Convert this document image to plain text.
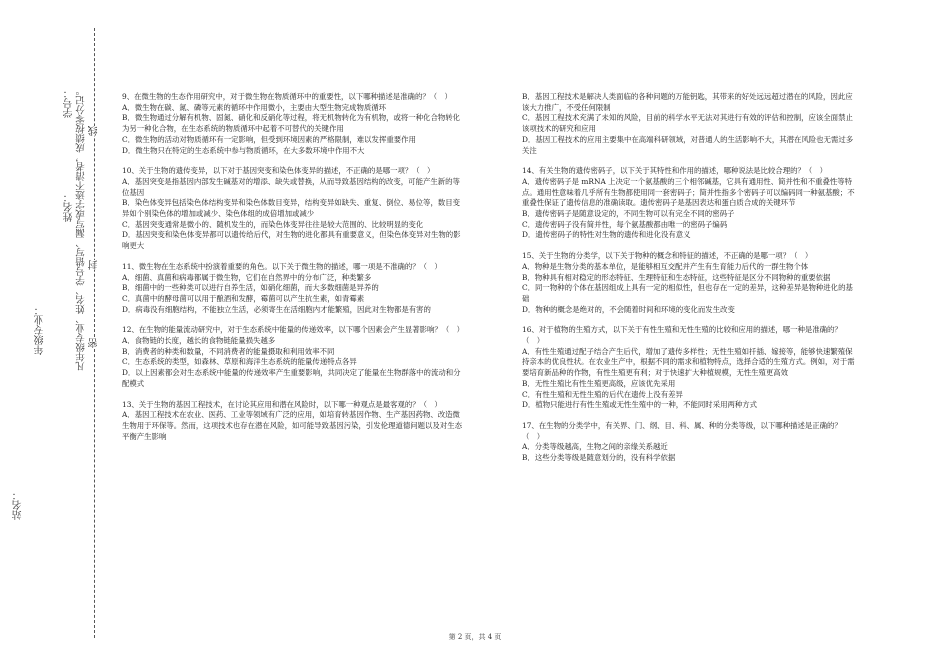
学号：
姓名：
年级专业：	凡年级专业、姓名、学号错写、漏写或字迹不清者，成绩按零分记。 线
封
密
站名：

9、在微生物的生态作用研究中，对于微生物在物质循环中的重要性，以下哪种描述是准确的？（　）

A．微生物在碳、氮、磷等元素的循环中作用微小，主要由大型生物完成物质循环

B．微生物通过分解有机物、固氮、硝化和反硝化等过程，将无机物转化为有机物，或将一种化合物转化为另一种化合物，在生态系统的物质循环中起着不可替代的关键作用

C．微生物的活动对物质循环有一定影响，但受到环境因素的严格限制，难以发挥重要作用

D．微生物只在特定的生态系统中参与物质循环，在大多数环境中作用不大

10、关于生物的遗传变异，以下对于基因突变和染色体变异的描述，不正确的是哪一项？（　）

A．基因突变是指基因内部发生碱基对的增添、缺失或替换，从而导致基因结构的改变，可能产生新的等位基因

B．染色体变异包括染色体结构变异和染色体数目变异，结构变异如缺失、重复、倒位、易位等，数目变异如个别染色体的增加或减少、染色体组的成倍增加或减少

C．基因突变通常是微小的、随机发生的，而染色体变异往往是较大范围的、比较明显的变化

D．基因突变和染色体变异都可以遗传给后代，对生物的进化都具有重要意义，但染色体变异对生物的影响更大

11、微生物在生态系统中扮演着重要的角色。以下关于微生物的描述，哪一项是不准确的？（　）

A．细菌、真菌和病毒都属于微生物，它们在自然界中的分布广泛，种类繁多

B．细菌中的一些种类可以进行自养生活，如硝化细菌，而大多数细菌是异养的

C．真菌中的酵母菌可以用于酿酒和发酵，霉菌可以产生抗生素，如青霉素

D．病毒没有细胞结构，不能独立生活，必须寄生在活细胞内才能繁殖，因此对生物都是有害的

12、在生物的能量流动研究中，对于生态系统中能量的传递效率，以下哪个因素会产生显著影响？（　）

A．食物链的长度，越长的食物链能量损失越多

B．消费者的种类和数量，不同消费者的能量摄取和利用效率不同

C．生态系统的类型，如森林、草原和海洋生态系统的能量传递特点各异

D．以上因素都会对生态系统中能量的传递效率产生重要影响，共同决定了能量在生物群落中的流动和分配模式

13、关于生物的基因工程技术，在讨论其应用和潜在风险时，以下哪一种观点是最客观的？（　）

A．基因工程技术在农业、医药、工业等领域有广泛的应用，如培育转基因作物、生产基因药物、改造微生物用于环保等。然而，这项技术也存在潜在风险，如可能导致基因污染，引发伦理道德问题以及对生态平衡产生影响

B．基因工程技术是解决人类面临的各种问题的万能钥匙，其带来的好处远远超过潜在的风险，因此应该大力推广，不受任何限制

C．基因工程技术充满了未知的风险，目前的科学水平无法对其进行有效的评估和控制，应该全面禁止该项技术的研究和应用

D．基因工程技术的应用主要集中在高端科研领域，对普通人的生活影响不大，其潜在风险也无需过多关注

14、有关生物的遗传密码子，以下关于其特性和作用的描述，哪种说法是比较合理的？（　）

A．遗传密码子是 mRNA 上决定一个氨基酸的三个相邻碱基，它具有通用性、简并性和不重叠性等特点。通用性意味着几乎所有生物都使用同一套密码子；简并性指多个密码子可以编码同一种氨基酸；不重叠性保证了遗传信息的准确读取。遗传密码子是基因表达和蛋白质合成的关键环节

B．遗传密码子是随意设定的，不同生物可以有完全不同的密码子

C．遗传密码子没有简并性，每个氨基酸都由唯一的密码子编码

D．遗传密码子的特性对生物的遗传和进化没有意义

15、关于生物的分类学，以下关于物种的概念和特征的描述，不正确的是哪一项？（　）

A．物种是生物分类的基本单位，是能够相互交配并产生有生育能力后代的一群生物个体

B．物种具有相对稳定的形态特征、生理特征和生态特征，这些特征是区分不同物种的重要依据

C．同一物种的个体在基因组成上具有一定的相似性，但也存在一定的差异，这种差异是物种进化的基础

D．物种的概念是绝对的，不会随着时间和环境的变化而发生改变

16、对于植物的生殖方式，以下关于有性生殖和无性生殖的比较和应用的描述，哪一种是准确的？（　）

A．有性生殖通过配子结合产生后代，增加了遗传多样性；无性生殖如扦插、嫁接等，能够快速繁殖保持亲本的优良性状。在农业生产中，根据不同的需求和植物特点，选择合适的生殖方式。例如，对于需要培育新品种的作物，有性生殖更有利；对于快速扩大种植规模，无性生殖更高效

B．无性生殖比有性生殖更高级，应该优先采用

C．有性生殖和无性生殖的后代在遗传上没有差异

D．植物只能进行有性生殖或无性生殖中的一种，不能同时采用两种方式

17、在生物的分类学中，有关界、门、纲、目、科、属、种的分类等级，以下哪种描述是正确的？（　）

A．分类等级越高，生物之间的亲缘关系越近

B．这些分类等级是随意划分的，没有科学依据

第 2 页，共 4 页
